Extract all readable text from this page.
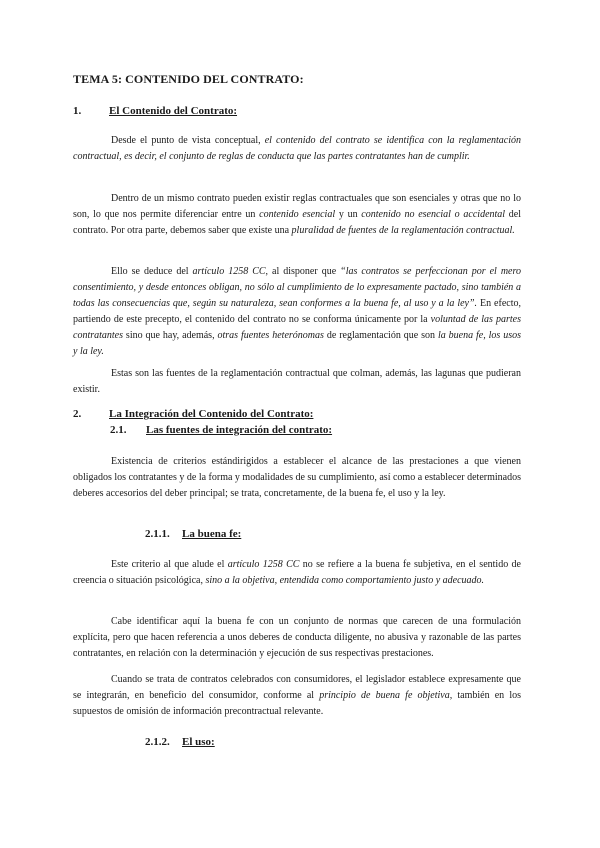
TEMA 5: CONTENIDO DEL CONTRATO:
1.	El Contenido del Contrato:

Desde el punto de vista conceptual, el contenido del contrato se identifica con la reglamentación contractual, es decir, el conjunto de reglas de conducta que las partes contratantes han de cumplir.

Dentro de un mismo contrato pueden existir reglas contractuales que son esenciales y otras que no lo son, lo que nos permite diferenciar entre un contenido esencial y un contenido no esencial o accidental del contrato. Por otra parte, debemos saber que existe una pluralidad de fuentes de la reglamentación contractual.

Ello se deduce del artículo 1258 CC, al disponer que “las contratos se perfeccionan por el mero consentimiento, y desde entonces obligan, no sólo al cumplimiento de lo expresamente pactado, sino también a todas las consecuencias que, según su naturaleza, sean conformes a la buena fe, al uso y a la ley”. En efecto, partiendo de este precepto, el contenido del contrato no se conforma únicamente por la voluntad de las partes contratantes sino que hay, además, otras fuentes heterónomas de reglamentación que son la buena fe, los usos y la ley.

Estas son las fuentes de la reglamentación contractual que colman, además, las lagunas que pudieran existir.

2.	La Integración del Contenido del Contrato:
2.1. Las fuentes de integración del contrato:

Existencia de criterios estándirigidos a establecer el alcance de las prestaciones a que vienen obligados los contratantes y de la forma y modalidades de su cumplimiento, así como a establecer determinados deberes accesorios del deber principal; se trata, concretamente, de la buena fe, el uso y la ley.

2.1.1. La buena fe:

Este criterio al que alude el artículo 1258 CC no se refiere a la buena fe subjetiva, en el sentido de creencia o situación psicológica, sino a la objetiva, entendida como comportamiento justo y adecuado.

Cabe identificar aquí la buena fe con un conjunto de normas que carecen de una formulación explícita, pero que hacen referencia a unos deberes de conducta diligente, no abusiva y razonable de las partes contratantes, en relación con la determinación y ejecución de sus respectivas prestaciones.

Cuando se trata de contratos celebrados con consumidores, el legislador establece expresamente que se integrarán, en beneficio del consumidor, conforme al principio de buena fe objetiva, también en los supuestos de omisión de información precontractual relevante.

2.1.2. El uso:
